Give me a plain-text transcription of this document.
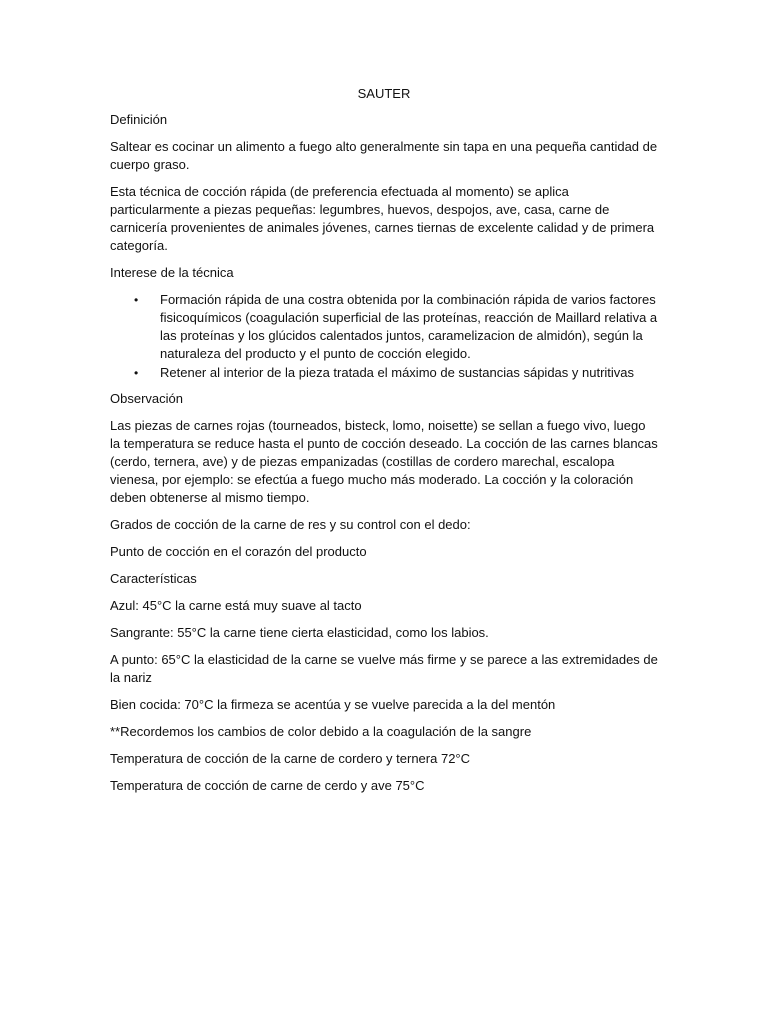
SAUTER

Definición

Saltear es cocinar un alimento a fuego alto generalmente sin tapa en una pequeña cantidad de cuerpo graso.

Esta técnica de cocción rápida (de preferencia efectuada al momento) se aplica particularmente a piezas pequeñas: legumbres, huevos, despojos, ave, casa, carne de carnicería provenientes de animales jóvenes, carnes tiernas de excelente calidad y de primera categoría.

Interese de la técnica

• Formación rápida de una costra obtenida por la combinación rápida de varios factores fisicoquímicos (coagulación superficial de las proteínas, reacción de Maillard relativa a las proteínas y los glúcidos calentados juntos, caramelizacion de almidón), según la naturaleza del producto y el punto de cocción elegido.
• Retener al interior de la pieza tratada el máximo de sustancias sápidas y nutritivas

Observación

Las piezas de carnes rojas (tourneados, bisteck, lomo, noisette) se sellan a fuego vivo, luego la temperatura se reduce hasta el punto de cocción deseado. La cocción de las carnes blancas (cerdo, ternera, ave) y de piezas empanizadas (costillas de cordero marechal, escalopa vienesa, por ejemplo: se efectúa a fuego mucho más moderado. La cocción y la coloración deben obtenerse al mismo tiempo.

Grados de cocción de la carne de res y su control con el dedo:

Punto de cocción en el corazón del producto

Características

Azul: 45°C la carne está muy suave al tacto

Sangrante: 55°C la carne tiene cierta elasticidad, como los labios.

A punto: 65°C la elasticidad de la carne se vuelve más firme y se parece a las extremidades de la nariz

Bien cocida: 70°C la firmeza se acentúa y se vuelve parecida a la del mentón

**Recordemos los cambios de color debido a la coagulación de la sangre

Temperatura de cocción de la carne de cordero y ternera 72°C

Temperatura de cocción de carne de cerdo y ave 75°C
